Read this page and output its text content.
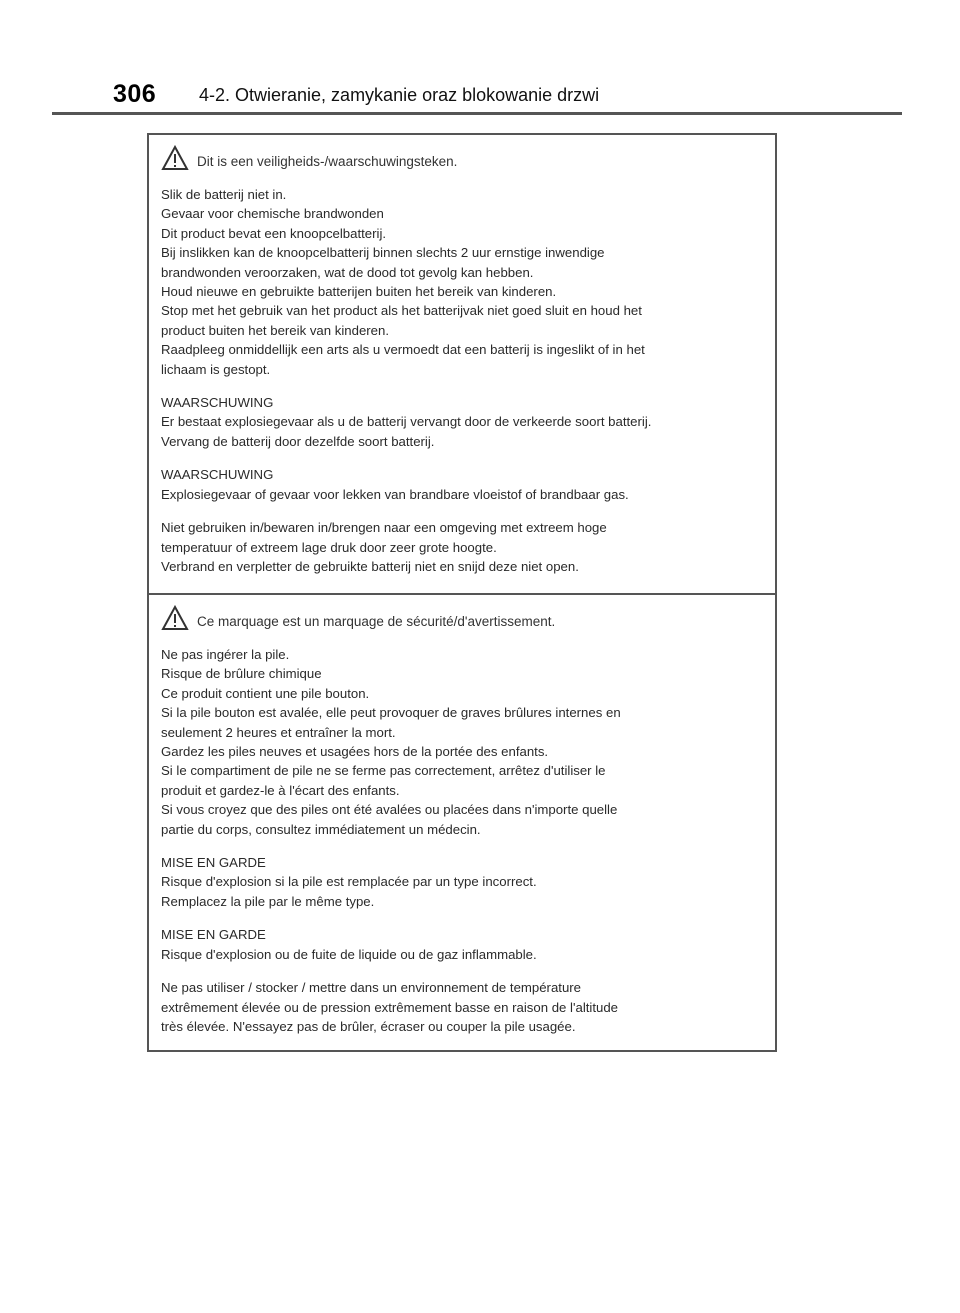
306 4-2. Otwieranie, zamykanie oraz blokowanie drzwi
Dit is een veiligheids-/waarschuwingsteken.
Slik de batterij niet in.
Gevaar voor chemische brandwonden
Dit product bevat een knoopcelbatterij.
Bij inslikken kan de knoopcelbatterij binnen slechts 2 uur ernstige inwendige
brandwonden veroorzaken, wat de dood tot gevolg kan hebben.
Houd nieuwe en gebruikte batterijen buiten het bereik van kinderen.
Stop met het gebruik van het product als het batterijvak niet goed sluit en houd het
product buiten het bereik van kinderen.
Raadpleeg onmiddellijk een arts als u vermoedt dat een batterij is ingeslikt of in het
lichaam is gestopt.
WAARSCHUWING
Er bestaat explosiegevaar als u de batterij vervangt door de verkeerde soort batterij.
Vervang de batterij door dezelfde soort batterij.
WAARSCHUWING
Explosiegevaar of gevaar voor lekken van brandbare vloeistof of brandbaar gas.
Niet gebruiken in/bewaren in/brengen naar een omgeving met extreem hoge
temperatuur of extreem lage druk door zeer grote hoogte.
Verbrand en verpletter de gebruikte batterij niet en snijd deze niet open.
Ce marquage est un marquage de sécurité/d'avertissement.
Ne pas ingérer la pile.
Risque de brûlure chimique
Ce produit contient une pile bouton.
Si la pile bouton est avalée, elle peut provoquer de graves brûlures internes en
seulement 2 heures et entraîner la mort.
Gardez les piles neuves et usagées hors de la portée des enfants.
Si le compartiment de pile ne se ferme pas correctement, arrêtez d'utiliser le
produit et gardez-le à l'écart des enfants.
Si vous croyez que des piles ont été avalées ou placées dans n'importe quelle
partie du corps, consultez immédiatement un médecin.
MISE EN GARDE
Risque d'explosion si la pile est remplacée par un type incorrect.
Remplacez la pile par le même type.
MISE EN GARDE
Risque d'explosion ou de fuite de liquide ou de gaz inflammable.
Ne pas utiliser / stocker / mettre dans un environnement de température
extrêmement élevée ou de pression extrêmement basse en raison de l'altitude
très élevée. N'essayez pas de brûler, écraser ou couper la pile usagée.
